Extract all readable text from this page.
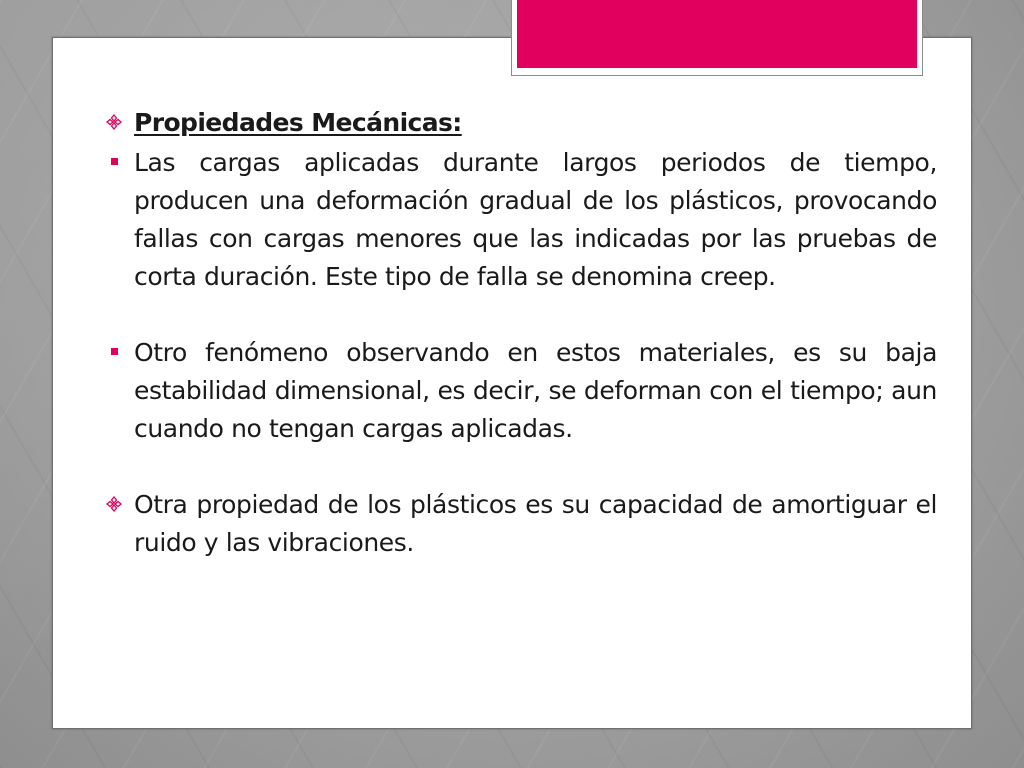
Propiedades Mecánicas:
Las cargas aplicadas durante largos periodos de tiempo, producen una deformación gradual de los plásticos, provocando fallas con cargas menores que las indicadas por las pruebas de corta duración. Este tipo de falla se denomina creep.
Otro fenómeno observando en estos materiales, es su baja estabilidad dimensional, es decir, se deforman con el tiempo; aun cuando no tengan cargas aplicadas.
Otra propiedad de los plásticos es su capacidad de amortiguar el ruido y las vibraciones.
